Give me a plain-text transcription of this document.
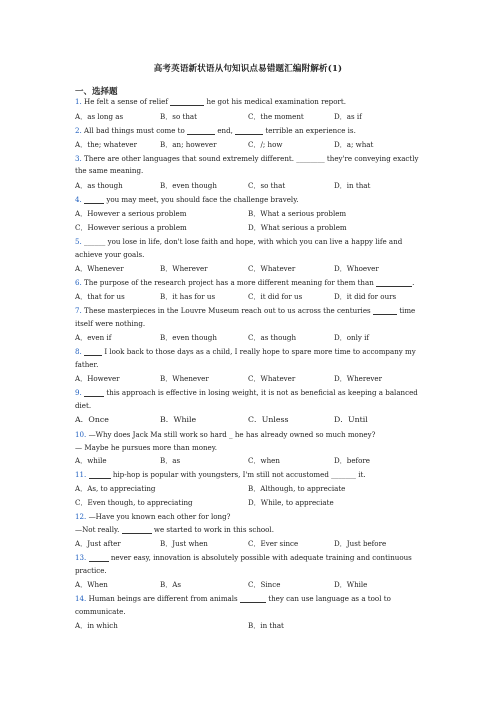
高考英语新状语从句知识点易错题汇编附解析(1)
一、选择题
1. He felt a sense of relief	he got his medical examination report.
A．as long as	B．so that	C．the moment	D．as if
2. All bad things must come to	end,	terrible an experience is.
A．the; whatever	B．an; however	C．/; how	D．a; what
3. There are other languages that sound extremely different. ________ they're conveying exactly
the same meaning.
A．as though	B．even though	C．so that	D．in that
4.	you may meet, you should face the challenge bravely.
A．However a serious problem	B．What a serious problem
C．However serious a problem	D．What serious a problem
5. ______ you lose in life, don't lose faith and hope, with which you can live a happy life and
achieve your goals.
A．Whenever	B．Wherever	C．Whatever	D．Whoever
6. The purpose of the research project has a more different meaning for them than	.
A．that for us	B．it has for us	C．it did for us	D．it did for ours
7. These masterpieces in the Louvre Museum reach out to us across the centuries	time
itself were nothing.
A．even if	B．even though	C．as though	D．only if
8.	I look back to those days as a child, I really hope to spare more time to accompany my
father.
A．However	B．Whenever	C．Whatever	D．Wherever
9.	this approach is effective in losing weight, it is not as beneficial as keeping a balanced
diet.
A．Once	B．While	C．Unless	D．Until
10. —Why does Jack Ma still work so hard _ he has already owned so much money?
— Maybe he pursues more than money.
A．while	B．as	C．when	D．before
11.	hip-hop is popular with youngsters, I'm still not accustomed _______ it.
A．As, to appreciating	B．Although, to appreciate
C．Even though, to appreciating	D．While, to appreciate
12. —Have you known each other for long?
—Not really.	we started to work in this school.
A．Just after	B．Just when	C．Ever since	D．Just before
13.	never easy, innovation is absolutely possible with adequate training and continuous
practice.
A．When	B．As	C．Since	D．While
14. Human beings are different from animals	they can use language as a tool to
communicate.
A．in which	B．in that
